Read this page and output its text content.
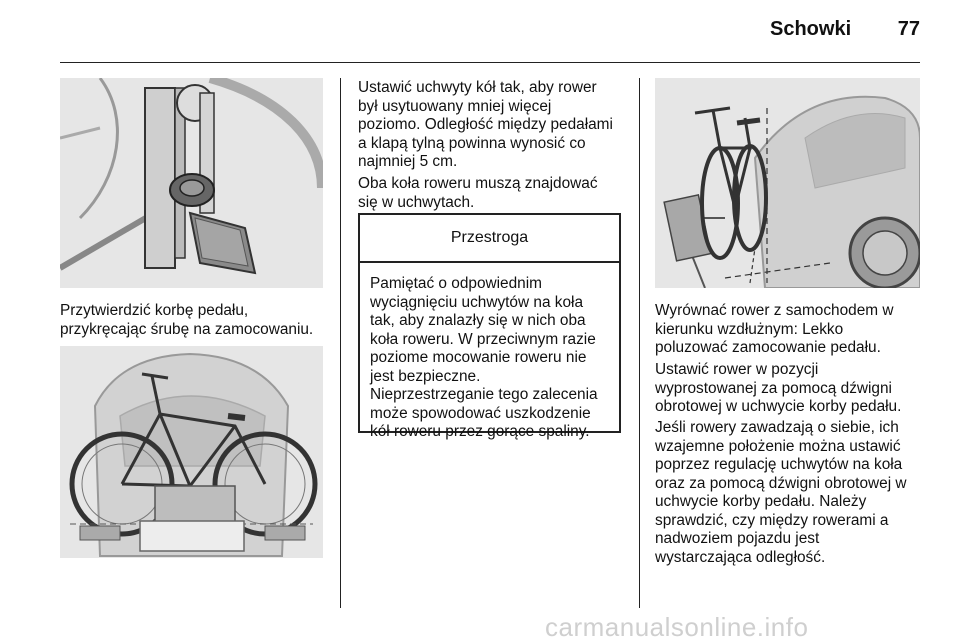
Schowki	77
Przytwierdzić korbę pedału,
przykręcając śrubę na zamocowaniu.
Ustawić uchwyty kół tak, aby rower
był usytuowany mniej więcej
poziomo. Odległość między pedałami
a klapą tylną powinna wynosić co
najmniej 5 cm.
Oba koła roweru muszą znajdować
się w uchwytach.
Przestroga
Pamiętać o odpowiednim
wyciągnięciu uchwytów na koła
tak, aby znalazły się w nich oba
koła roweru. W przeciwnym razie
poziome mocowanie roweru nie
jest bezpieczne.
Nieprzestrzeganie tego zalecenia
może spowodować uszkodzenie
kół roweru przez gorące spaliny.
Wyrównać rower z samochodem w
kierunku wzdłużnym: Lekko
poluzować zamocowanie pedału.
Ustawić rower w pozycji
wyprostowanej za pomocą dźwigni
obrotowej w uchwycie korby pedału.
Jeśli rowery zawadzają o siebie, ich
wzajemne położenie można ustawić
poprzez regulację uchwytów na koła
oraz za pomocą dźwigni obrotowej w
uchwycie korby pedału. Należy
sprawdzić, czy między rowerami a
nadwoziem pojazdu jest
wystarczająca odległość.
carmanualsonline.info
